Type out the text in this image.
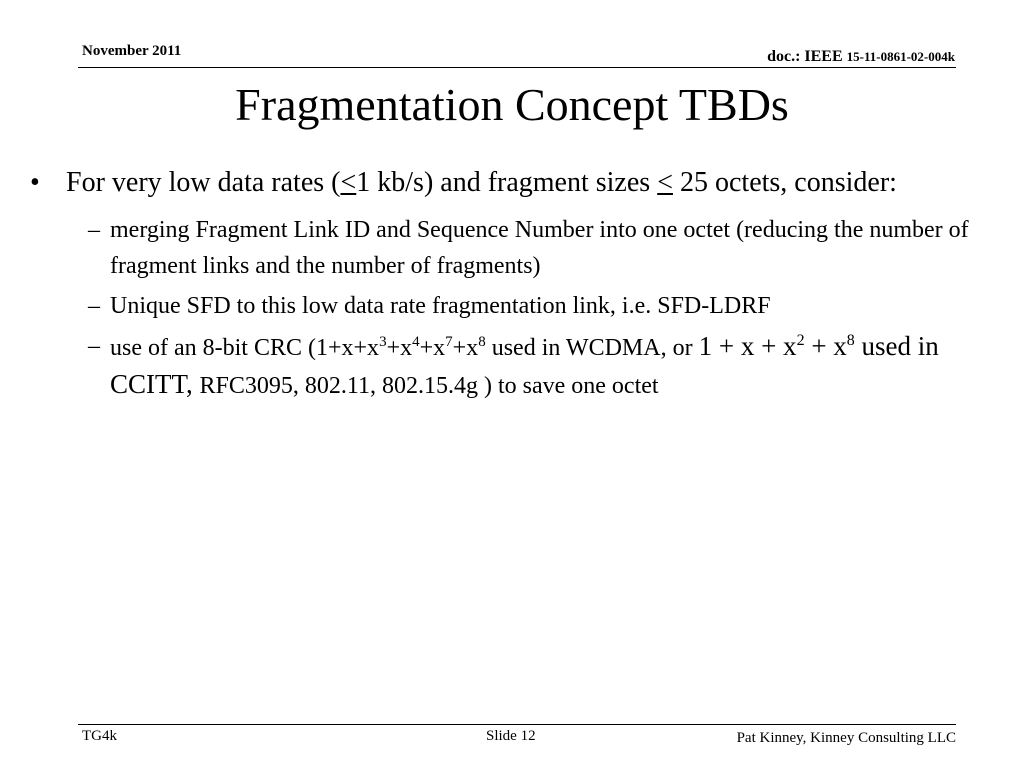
November 2011	doc.: IEEE 15-11-0861-02-004k
Fragmentation Concept TBDs
• For very low data rates (≤1 kb/s) and fragment sizes ≤ 25 octets, consider:
– merging Fragment Link ID and Sequence Number into one octet (reducing the number of fragment links and the number of fragments)
– Unique SFD to this low data rate fragmentation link, i.e. SFD-LDRF
– use of an 8-bit CRC ($1+x+x^3+x^4+x^7+x^8$ used in WCDMA, or $1 + x + x^2 + x^8$ used in CCITT, RFC3095, 802.11, 802.15.4g ) to save one octet
TG4k	Slide 12	Pat Kinney, Kinney Consulting LLC
